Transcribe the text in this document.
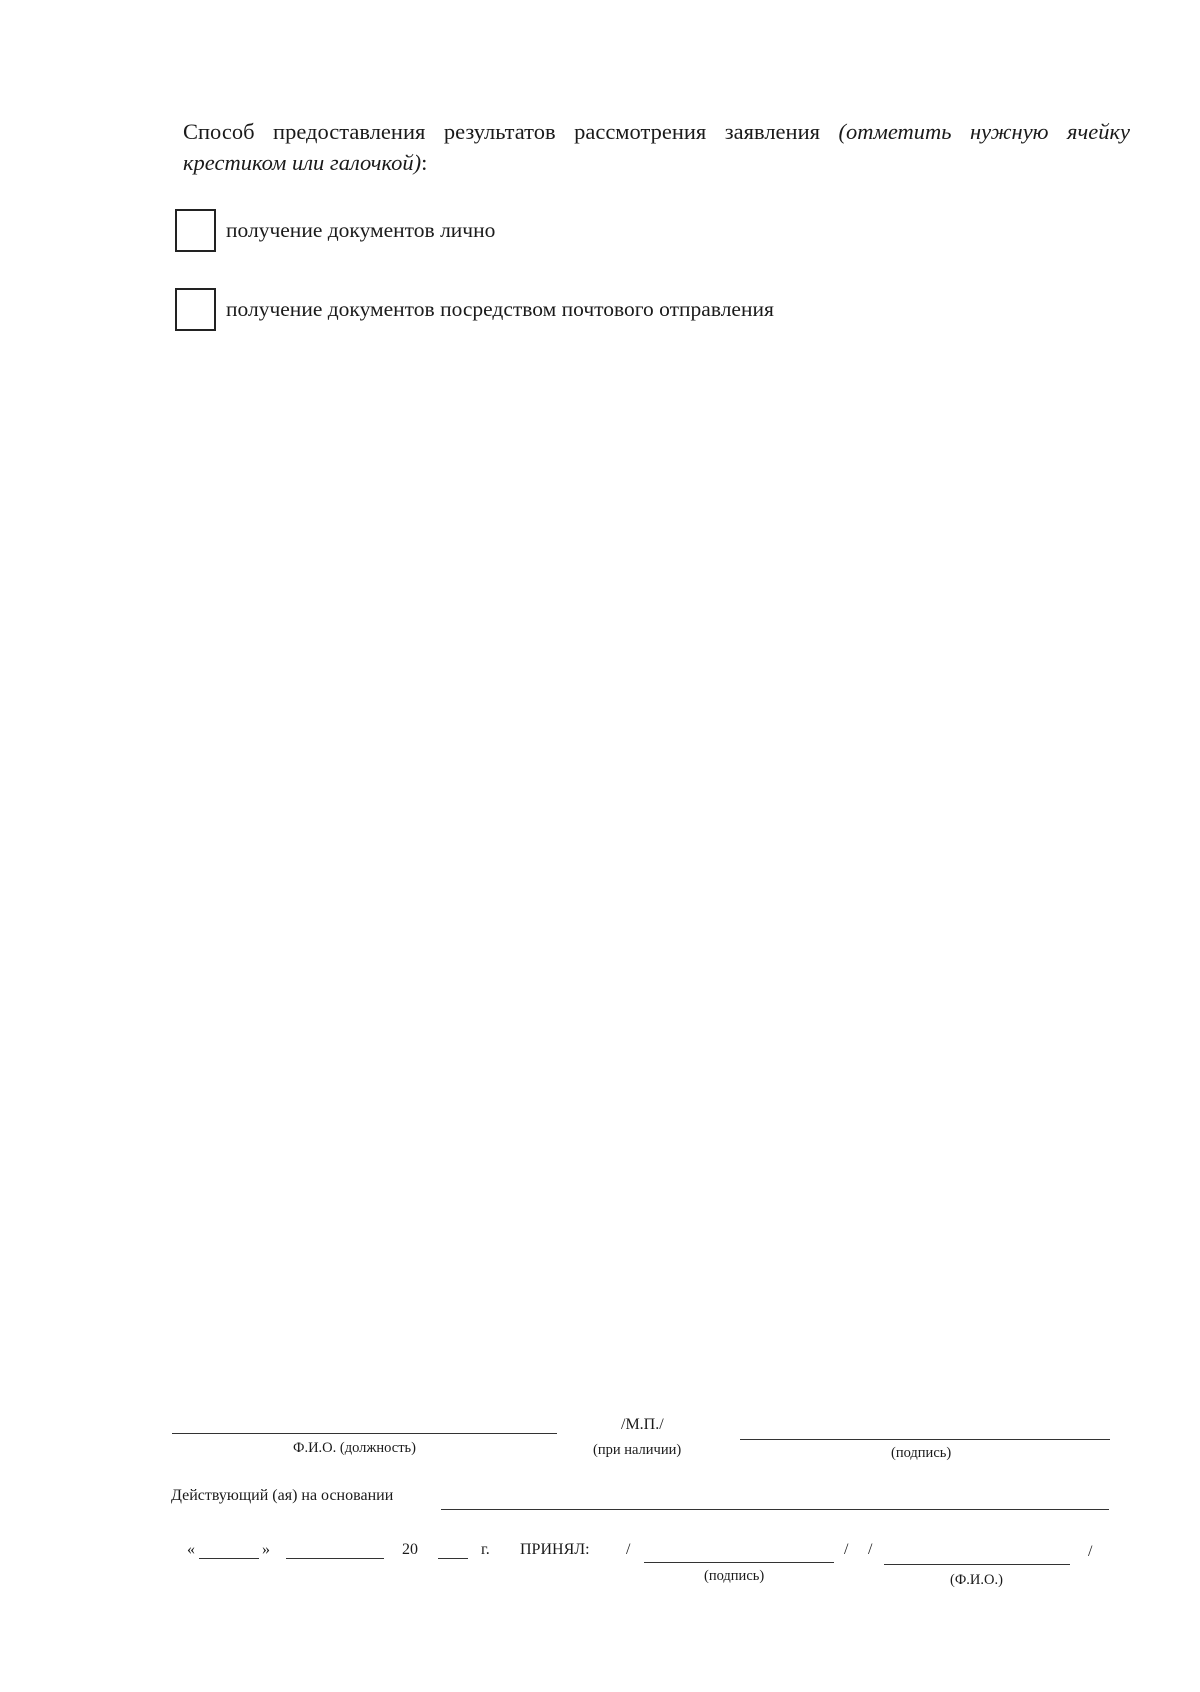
Способ предоставления результатов рассмотрения заявления (отметить нужную ячейку крестиком или галочкой):
получение документов лично
получение документов посредством почтового отправления
Ф.И.О. (должность)
/М.П./
(при наличии)	(подпись)
Действующий (ая) на основании
«	»	20	г. ПРИНЯЛ: /	/ /	/
(подпись)	(Ф.И.О.)
